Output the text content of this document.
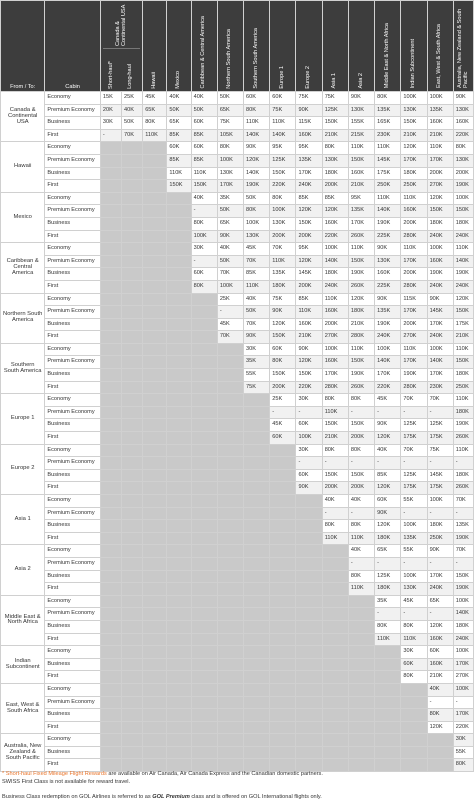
From / To:	Cabin	Canada & Continental USA
Short-haul* Long-haul		Hawaii	Mexico	Caribbean & Central America	Northern South America	Southern South America	Europe 1	Europe 2	Asia 1	Asia 2	Middle East & North Africa	Indian Subcontinent	East, West & South Africa	Australia, New Zealand & South Pacific
Canada & Continental USA	Economy	15K	25K	45K	40K	40K	50K	60K	60K	75K	75K	90K	80K	100K	100K	90K
	Premium Economy	20K	40K	65K	50K	50K	65K	80K	75K	90K	125K	130K	135K	130K	135K	130K
	Business	30K	50K	80K	65K	60K	75K	110K	110K	115K	150K	155K	165K	150K	160K	160K
	First	-	70K	110K	85K	85K	105K	140K	140K	160K	210K	215K	230K	210K	210K	220K
Hawaii	Economy				60K	60K	80K	90K	95K	95K	80K	110K	110K	120K	110K	80K
	Premium Economy				85K	85K	100K	120K	125K	135K	130K	150K	145K	170K	170K	130K
	Business				110K	110K	130K	140K	150K	170K	180K	160K	175K	180K	200K	200K
	First				150K	150K	170K	190K	220K	240K	200K	210K	250K	250K	270K	190K
Mexico	Economy					40K	35K	50K	80K	85K	85K	95K	110K	110K	120K	100K
	Premium Economy					-	50K	80K	100K	120K	120K	135K	140K	160K	150K	150K
	Business					80K	65K	100K	130K	150K	160K	170K	190K	200K	180K	180K
	First					100K	90K	130K	200K	200K	220K	260K	225K	280K	240K	240K
Caribbean & Central America	Economy					30K	40K	45K	70K	95K	100K	110K	90K	110K	100K	110K
	Premium Economy					-	50K	70K	110K	120K	140K	150K	130K	170K	160K	140K
	Business					60K	70K	85K	135K	145K	180K	190K	160K	200K	190K	190K
	First					80K	100K	110K	180K	200K	240K	260K	225K	280K	240K	240K
Northern South America	Economy						25K	40K	75K	85K	110K	120K	90K	115K	90K	120K
	Premium Economy						-	50K	90K	110K	160K	180K	135K	170K	145K	150K
	Business						45K	70K	120K	160K	200K	210K	190K	200K	170K	175K
	First						70K	90K	150K	210K	270K	280K	240K	270K	240K	210K
Southern South America	Economy							30K	60K	90K	100K	110K	100K	110K	100K	110K
	Premium Economy							35K	80K	120K	160K	150K	140K	170K	140K	150K
	Business							55K	150K	150K	170K	190K	170K	190K	170K	180K
	First							75K	200K	220K	280K	260K	220K	280K	230K	250K
Europe 1	Economy								25K	30K	80K	80K	45K	70K	70K	110K
	Premium Economy								-	-	110K	-	-	-	-	180K
	Business								45K	60K	150K	150K	90K	125K	125K	190K
	First								60K	100K	210K	200K	120K	175K	175K	260K
Europe 2	Economy									30K	80K	80K	40K	70K	75K	110K
	Premium Economy									-	-	-	-	-	-	-
	Business									60K	150K	150K	85K	125K	145K	180K
	First									90K	200K	200K	120K	175K	175K	260K
Asia 1	Economy										40K	40K	60K	55K	100K	70K
	Premium Economy										-	-	90K	-	-	-
	Business										80K	80K	120K	100K	180K	135K
	First										110K	110K	180K	135K	250K	190K
Asia 2	Economy											40K	65K	55K	90K	70K
	Premium Economy											-	-	-	-	-
	Business											80K	125K	100K	170K	150K
	First											110K	180K	130K	240K	190K
Middle East & North Africa	Economy												35K	45K	65K	100K
	Premium Economy												-	-	-	140K
	Business												80K	80K	120K	180K
	First												110K	110K	160K	240K
Indian Subcontinent	Economy													30K	60K	100K
	Business													60K	160K	170K
	First													80K	210K	270K
East, West & South Africa	Economy														40K	100K
	Premium Economy														-	-
	Business														80K	170K
	First														120K	220K
Australia, New Zealand & South Pacific	Economy															30K
	Business															55K
	First															80K

* Short-haul Fixed Mileage Flight Rewards are available on Air Canada, Air Canada Express and the Canadian domestic partners.

SWISS First Class is not available for reward travel.

Business Class redemption on GOL Airlines is referred to as GOL Premium class and is offered on GOL International flights only.
